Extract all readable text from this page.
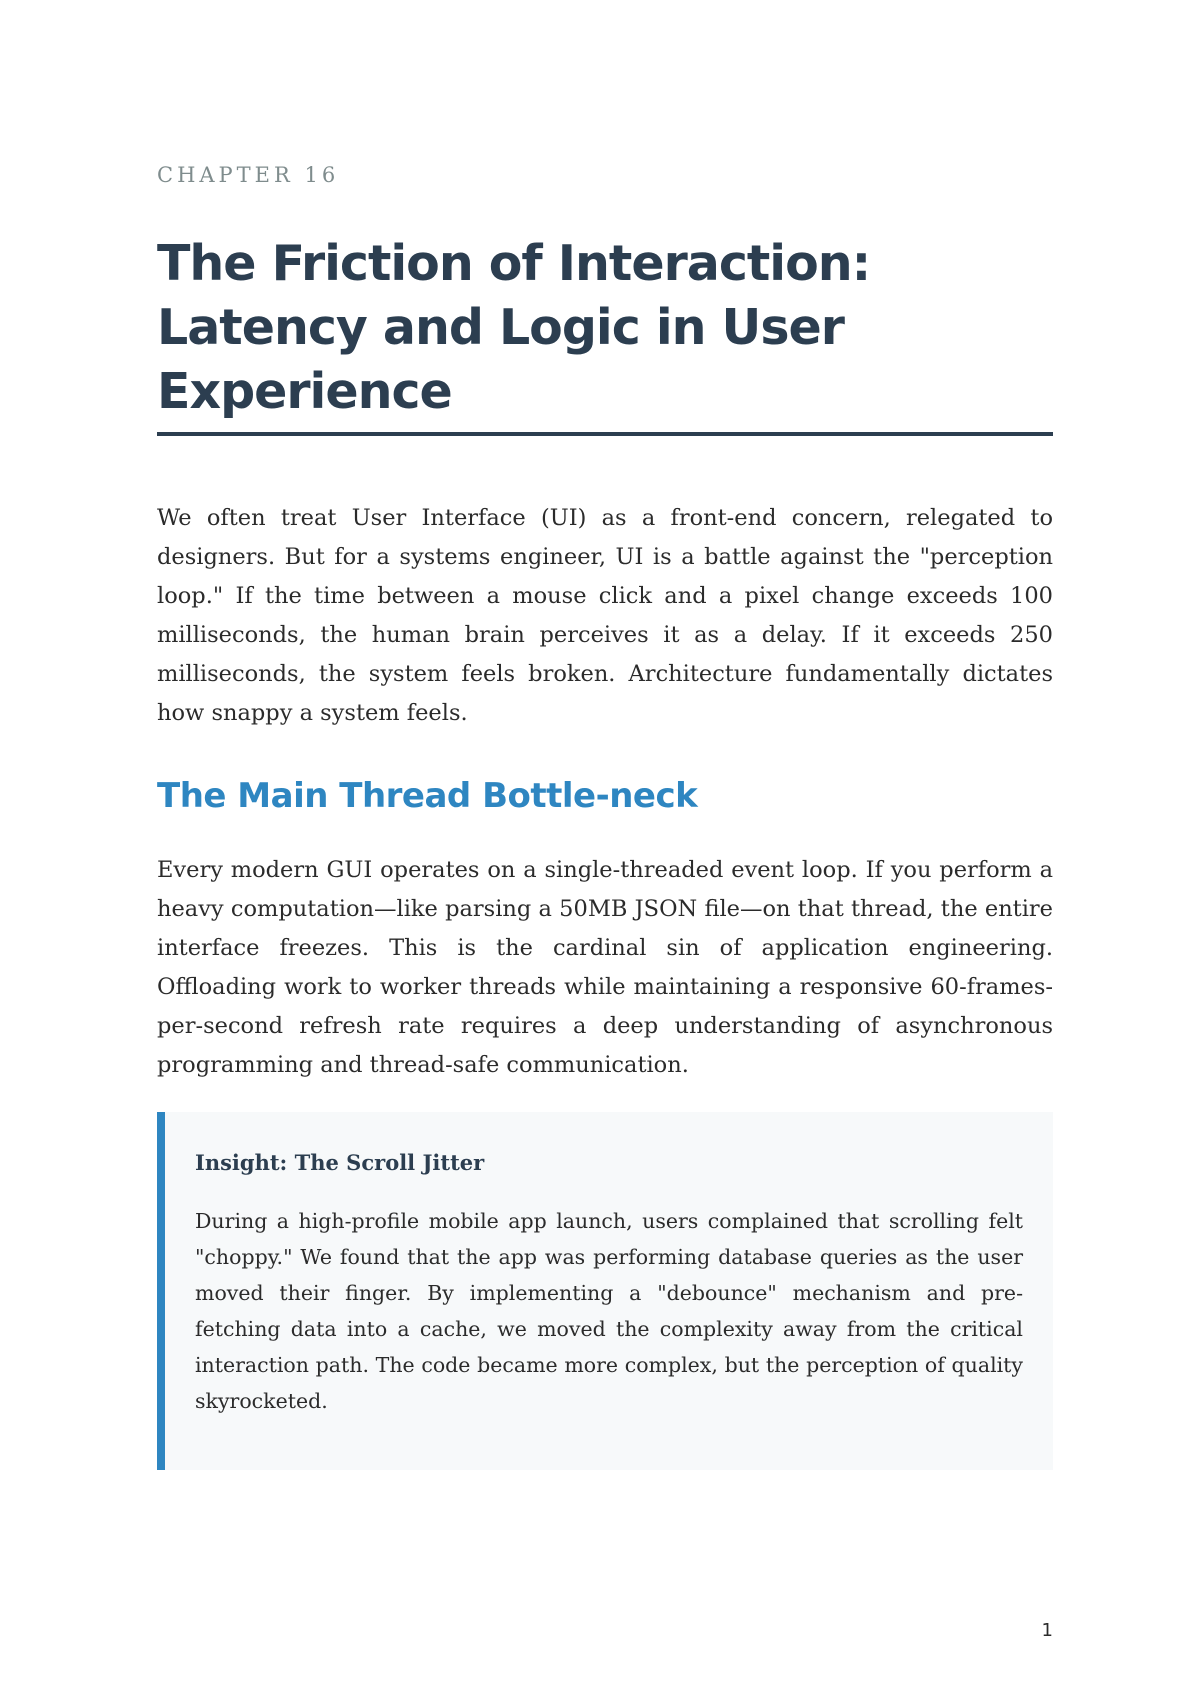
CHAPTER 16
The Friction of Interaction: Latency and Logic in User Experience

We often treat User Interface (UI) as a front-end concern, relegated to designers. But for a systems engineer, UI is a battle against the "perception loop." If the time between a mouse click and a pixel change exceeds 100 milliseconds, the human brain perceives it as a delay. If it exceeds 250 milliseconds, the system feels broken. Architecture fundamentally dictates how snappy a system feels.

The Main Thread Bottle-neck

Every modern GUI operates on a single-threaded event loop. If you perform a heavy computation—like parsing a 50MB JSON file—on that thread, the entire interface freezes. This is the cardinal sin of application engineering. Offloading work to worker threads while maintaining a responsive 60-frames-per-second refresh rate requires a deep understanding of asynchronous programming and thread-safe communication.

Insight: The Scroll Jitter

During a high-profile mobile app launch, users complained that scrolling felt "choppy." We found that the app was performing database queries as the user moved their finger. By implementing a "debounce" mechanism and pre-fetching data into a cache, we moved the complexity away from the critical interaction path. The code became more complex, but the perception of quality skyrocketed.

1
